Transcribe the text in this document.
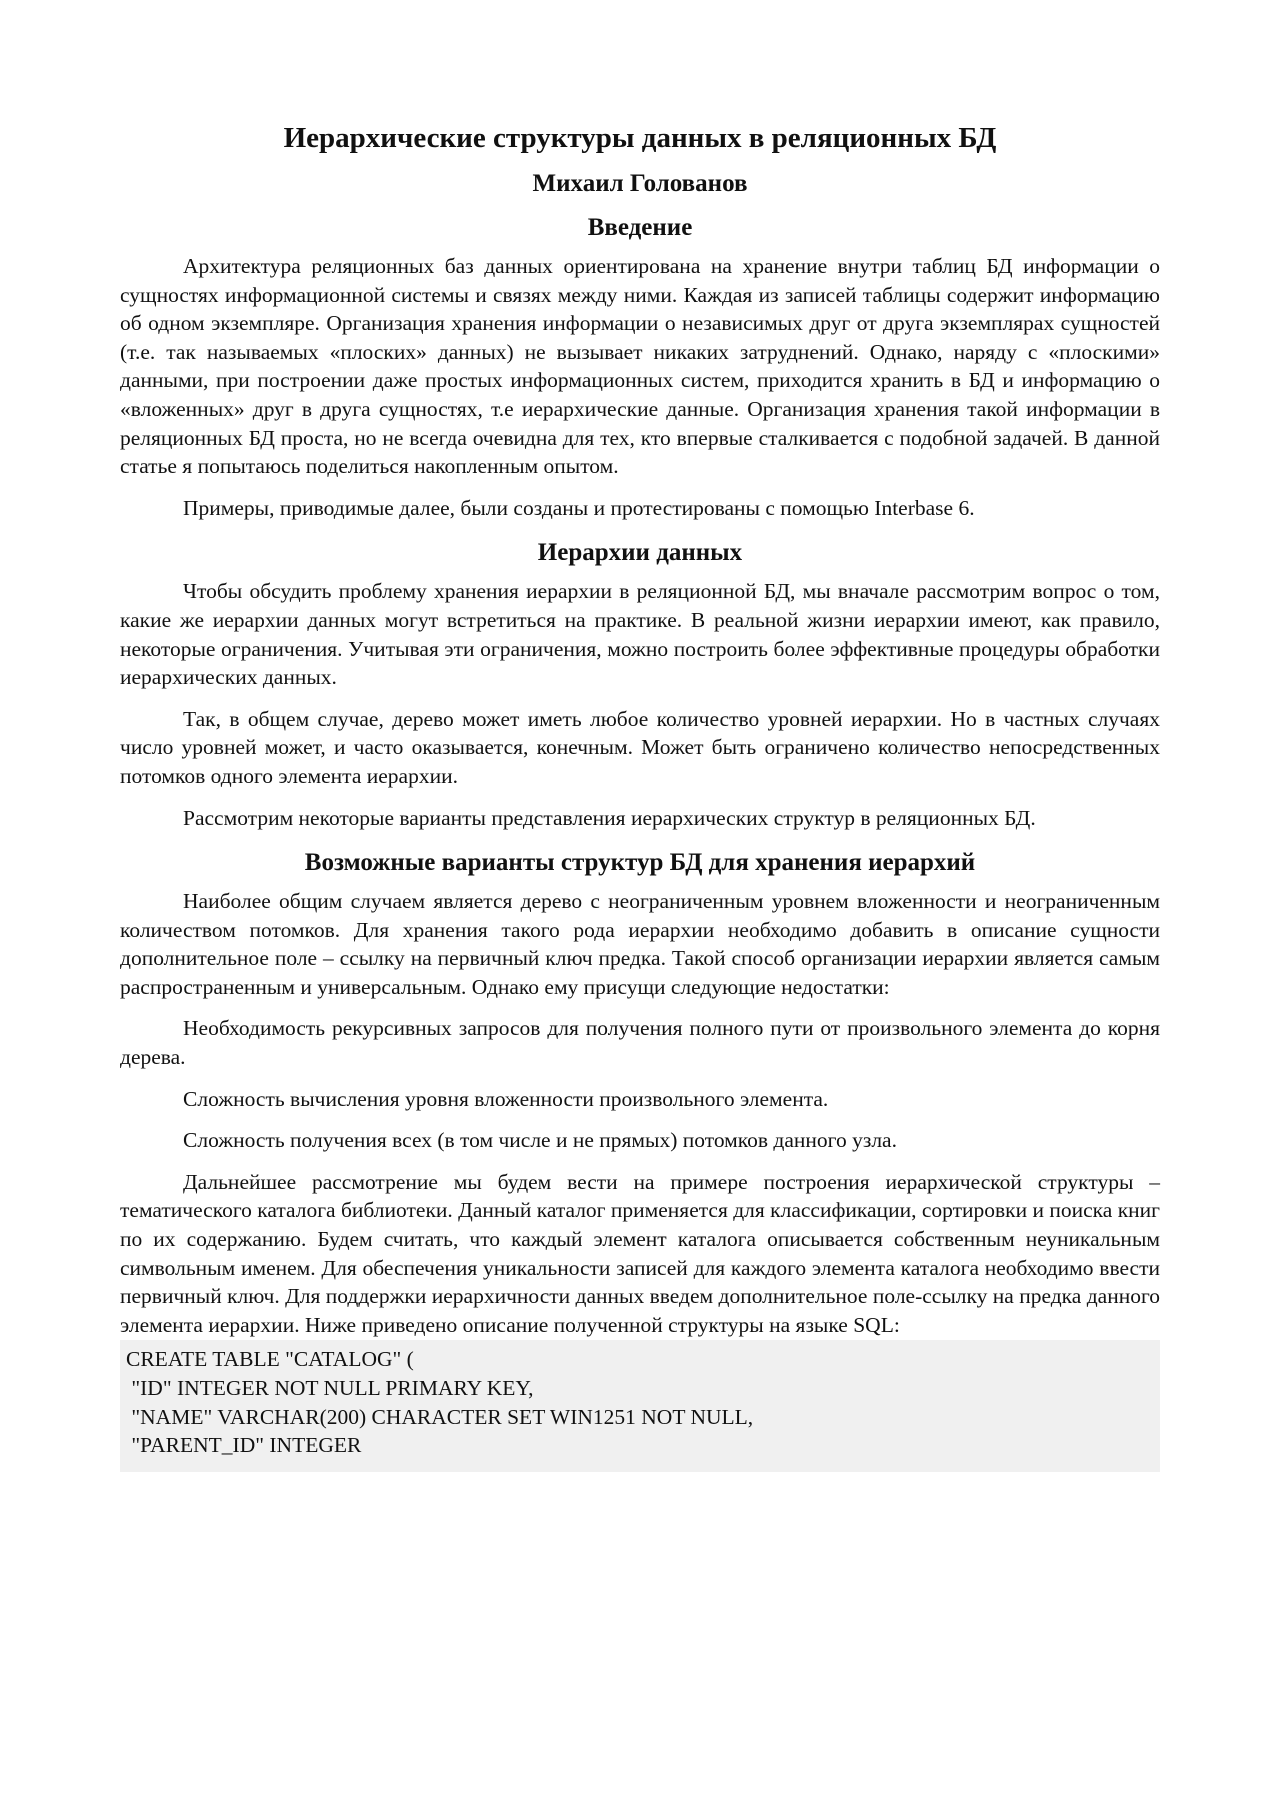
Иерархические структуры данных в реляционных БД
Михаил Голованов
Введение

Архитектура реляционных баз данных ориентирована на хранение внутри таблиц БД информации о сущностях информационной системы и связях между ними. Каждая из записей таблицы содержит информацию об одном экземпляре. Организация хранения информации о независимых друг от друга экземплярах сущностей (т.е. так называемых «плоских» данных) не вызывает никаких затруднений. Однако, наряду с «плоскими» данными, при построении даже простых информационных систем, приходится хранить в БД и информацию о «вложенных» друг в друга сущностях, т.е иерархические данные. Организация хранения такой информации в реляционных БД проста, но не всегда очевидна для тех, кто впервые сталкивается с подобной задачей. В данной статье я попытаюсь поделиться накопленным опытом.

Примеры, приводимые далее, были созданы и протестированы с помощью Interbase 6.

Иерархии данных

Чтобы обсудить проблему хранения иерархии в реляционной БД, мы вначале рассмотрим вопрос о том, какие же иерархии данных могут встретиться на практике. В реальной жизни иерархии имеют, как правило, некоторые ограничения. Учитывая эти ограничения, можно построить более эффективные процедуры обработки иерархических данных.

Так, в общем случае, дерево может иметь любое количество уровней иерархии. Но в частных случаях число уровней может, и часто оказывается, конечным. Может быть ограничено количество непосредственных потомков одного элемента иерархии.

Рассмотрим некоторые варианты представления иерархических структур в реляционных БД.

Возможные варианты структур БД для хранения иерархий

Наиболее общим случаем является дерево с неограниченным уровнем вложенности и неограниченным количеством потомков. Для хранения такого рода иерархии необходимо добавить в описание сущности дополнительное поле – ссылку на первичный ключ предка. Такой способ организации иерархии является самым распространенным и универсальным. Однако ему присущи следующие недостатки:

Необходимость рекурсивных запросов для получения полного пути от произвольного элемента до корня дерева.

Сложность вычисления уровня вложенности произвольного элемента.

Сложность получения всех (в том числе и не прямых) потомков данного узла.

Дальнейшее рассмотрение мы будем вести на примере построения иерархической структуры – тематического каталога библиотеки. Данный каталог применяется для классификации, сортировки и поиска книг по их содержанию. Будем считать, что каждый элемент каталога описывается собственным неуникальным символьным именем. Для обеспечения уникальности записей для каждого элемента каталога необходимо ввести первичный ключ. Для поддержки иерархичности данных введем дополнительное поле-ссылку на предка данного элемента иерархии. Ниже приведено описание полученной структуры на языке SQL:

CREATE TABLE "CATALOG" (
"ID" INTEGER NOT NULL PRIMARY KEY,
"NAME" VARCHAR(200) CHARACTER SET WIN1251 NOT NULL,
"PARENT_ID" INTEGER
